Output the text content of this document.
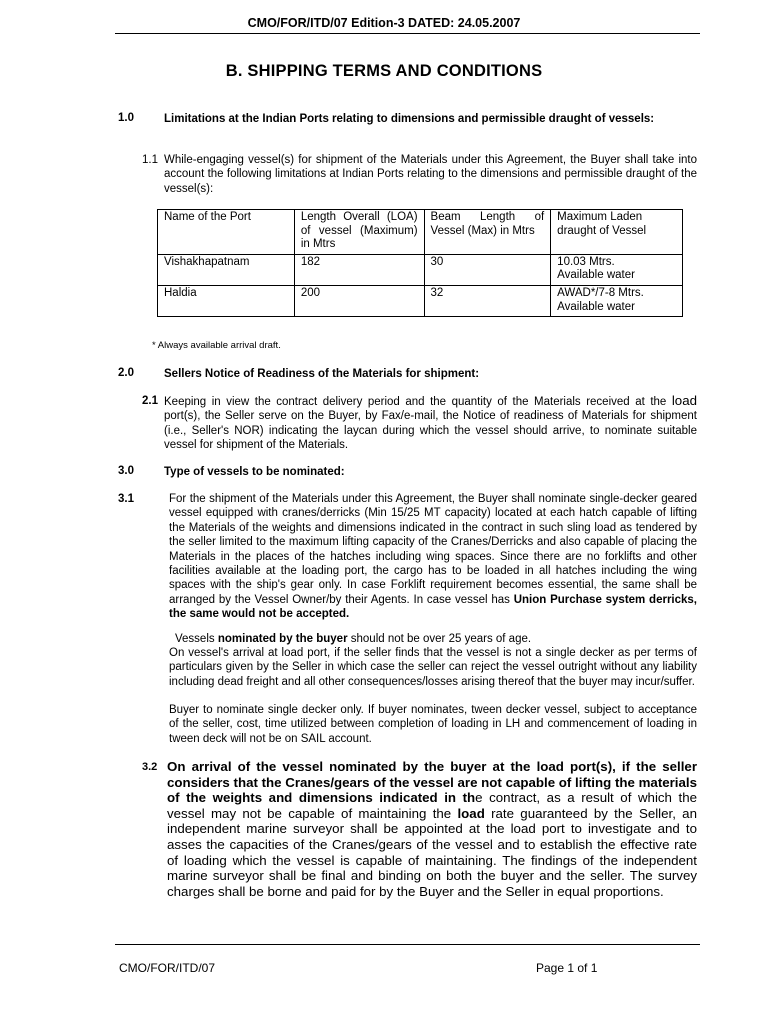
CMO/FOR/ITD/07 Edition-3 DATED: 24.05.2007
B. SHIPPING TERMS AND CONDITIONS
1.0	Limitations at the Indian Ports relating to dimensions and permissible draught of vessels:
1.1 While-engaging vessel(s) for shipment of the Materials under this Agreement, the Buyer shall take into account the following limitations at Indian Ports relating to the dimensions and permissible draught of the vessel(s):
Name of the Port	Length Overall (LOA) of vessel (Maximum) in Mtrs	Beam Length of Vessel (Max) in Mtrs	Maximum Laden draught of Vessel
Vishakhapatnam	182	30	10.03 Mtrs. Available water
Haldia	200	32	AWAD*/7-8 Mtrs. Available water
* Always available arrival draft.
2.0	Sellers Notice of Readiness of the Materials for shipment:
2.1 Keeping in view the contract delivery period and the quantity of the Materials received at the load port(s), the Seller serve on the Buyer, by Fax/e-mail, the Notice of readiness of Materials for shipment (i.e., Seller's NOR) indicating the laycan during which the vessel should arrive, to nominate suitable vessel for shipment of the Materials.
3.0	Type of vessels to be nominated:
3.1	For the shipment of the Materials under this Agreement, the Buyer shall nominate single-decker geared vessel equipped with cranes/derricks (Min 15/25 MT capacity) located at each hatch capable of lifting the Materials of the weights and dimensions indicated in the contract in such sling load as tendered by the seller limited to the maximum lifting capacity of the Cranes/Derricks and also capable of placing the Materials in the places of the hatches including wing spaces. Since there are no forklifts and other facilities available at the loading port, the cargo has to be loaded in all hatches including the wing spaces with the ship's gear only. In case Forklift requirement becomes essential, the same shall be arranged by the Vessel Owner/by their Agents. In case vessel has Union Purchase system derricks, the same would not be accepted.
Vessels nominated by the buyer should not be over 25 years of age.
On vessel's arrival at load port, if the seller finds that the vessel is not a single decker as per terms of particulars given by the Seller in which case the seller can reject the vessel outright without any liability including dead freight and all other consequences/losses arising thereof that the buyer may incur/suffer.
Buyer to nominate single decker only. If buyer nominates, tween decker vessel, subject to acceptance of the seller, cost, time utilized between completion of loading in LH and commencement of loading in tween deck will not be on SAIL account.
3.2 On arrival of the vessel nominated by the buyer at the load port(s), if the seller considers that the Cranes/gears of the vessel are not capable of lifting the materials of the weights and dimensions indicated in the contract, as a result of which the vessel may not be capable of maintaining the load rate guaranteed by the Seller, an independent marine surveyor shall be appointed at the load port to investigate and to asses the capacities of the Cranes/gears of the vessel and to establish the effective rate of loading which the vessel is capable of maintaining. The findings of the independent marine surveyor shall be final and binding on both the buyer and the seller. The survey charges shall be borne and paid for by the Buyer and the Seller in equal proportions.
CMO/FOR/ITD/07	Page 1 of 1
